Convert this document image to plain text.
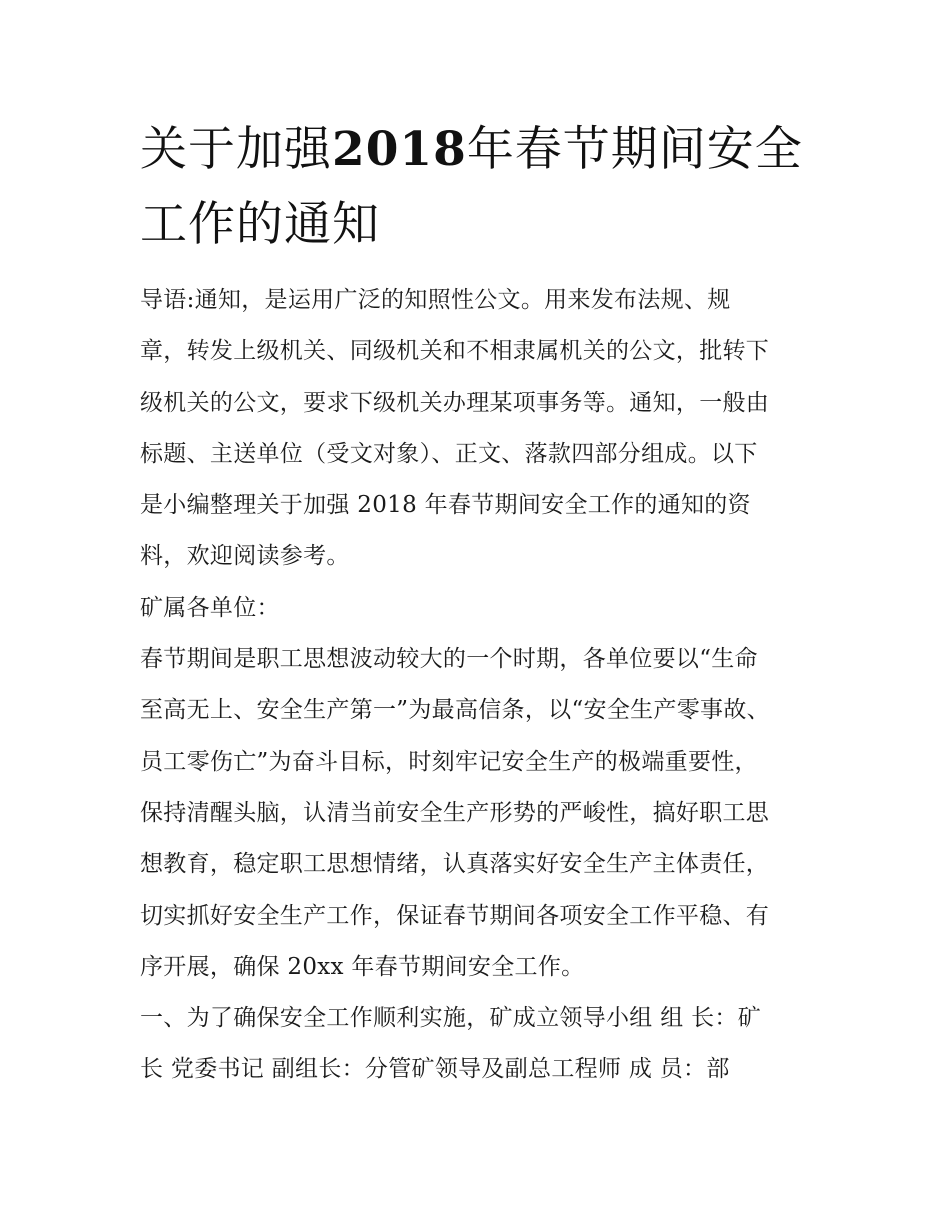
关于加强2018年春节期间安全
工作的通知
导语:通知，是运用广泛的知照性公文。用来发布法规、规
章，转发上级机关、同级机关和不相隶属机关的公文，批转下
级机关的公文，要求下级机关办理某项事务等。通知，一般由
标题、主送单位（受文对象）、正文、落款四部分组成。以下
是小编整理关于加强 2018 年春节期间安全工作的通知的资
料，欢迎阅读参考。
矿属各单位：
春节期间是职工思想波动较大的一个时期，各单位要以“生命
至高无上、安全生产第一”为最高信条，以“安全生产零事故、
员工零伤亡”为奋斗目标，时刻牢记安全生产的极端重要性，
保持清醒头脑，认清当前安全生产形势的严峻性，搞好职工思
想教育，稳定职工思想情绪，认真落实好安全生产主体责任，
切实抓好安全生产工作，保证春节期间各项安全工作平稳、有
序开展，确保 20xx 年春节期间安全工作。
一、为了确保安全工作顺利实施，矿成立领导小组 组 长：矿
长 党委书记 副组长：分管矿领导及副总工程师 成 员：部
